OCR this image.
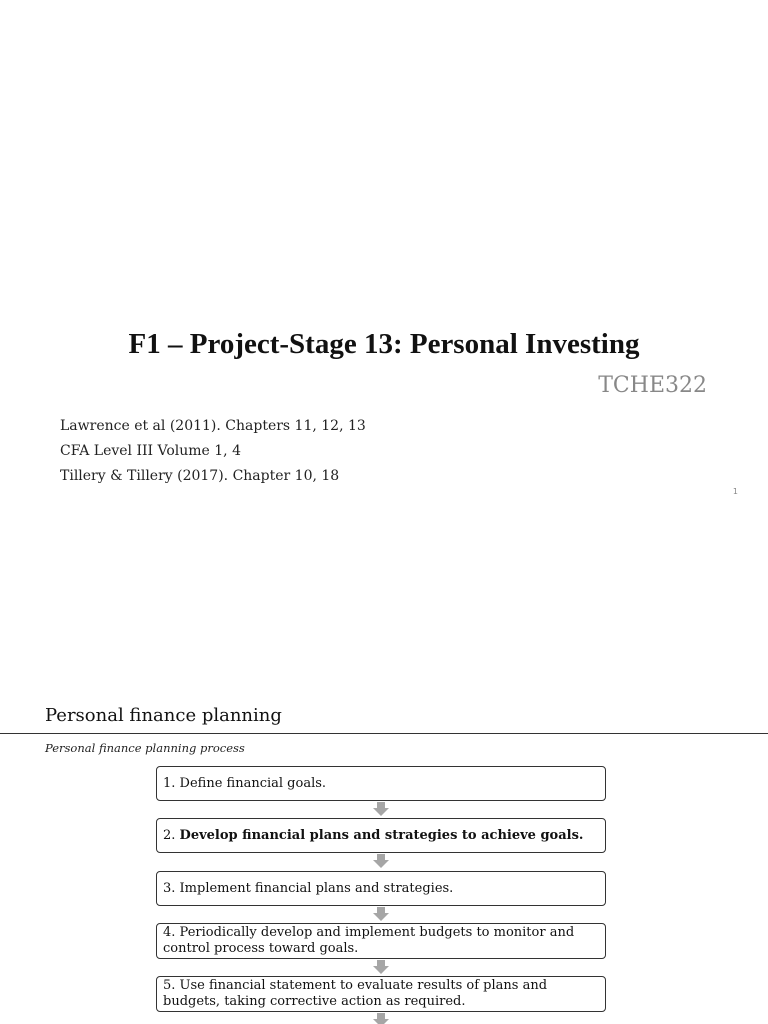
F1 – Project-Stage 13: Personal Investing
TCHE322
Lawrence et al (2011). Chapters 11, 12, 13
CFA Level III Volume 1, 4
Tillery & Tillery (2017). Chapter 10, 18
1
Personal finance planning
Personal finance planning process
1. Define financial goals.
2. Develop financial plans and strategies to achieve goals.
3. Implement financial plans and strategies.
4. Periodically develop and implement budgets to monitor and control process toward goals.
5. Use financial statement to evaluate results of plans and budgets, taking corrective action as required.
